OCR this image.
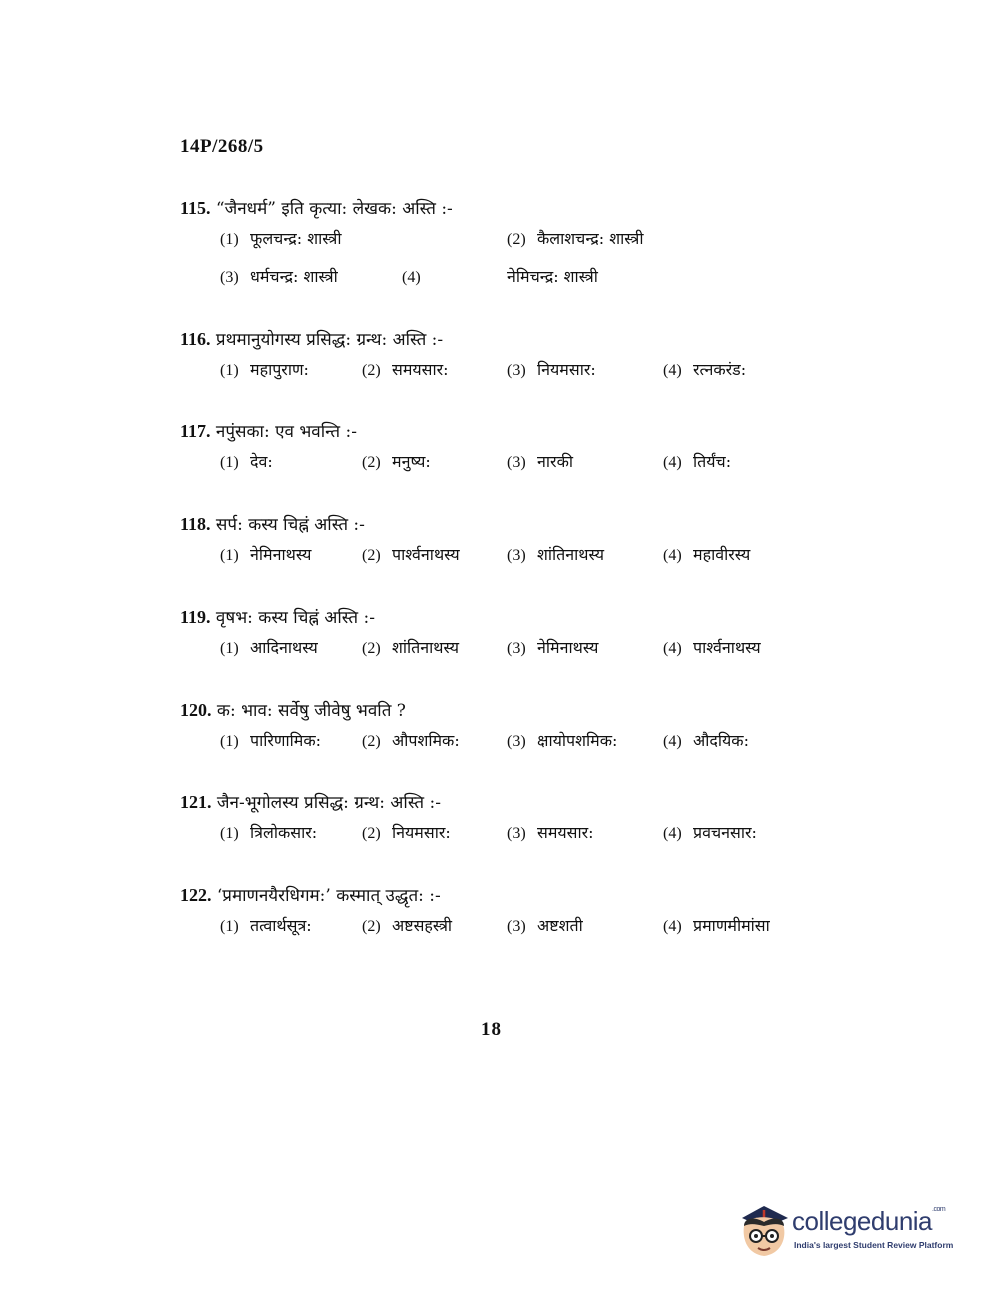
14P/268/5
115. “जैनधर्म” इति कृत्या: लेखक: अस्ति :-
(1) फूलचन्द्र: शास्त्री	(2) कैलाशचन्द्र: शास्त्री
(3) धर्मचन्द्र: शास्त्री	(4)	नेमिचन्द्र: शास्त्री
116. प्रथमानुयोगस्य प्रसिद्ध: ग्रन्थ: अस्ति :-
(1) महापुराण:	(2) समयसार:	(3) नियमसार:	(4) रत्नकरंड:
117. नपुंसका: एव भवन्ति :-
(1) देव:	(2) मनुष्य:	(3) नारकी	(4) तिर्यंच:
118. सर्प: कस्य चिह्नं अस्ति :-
(1) नेमिनाथस्य	(2) पार्श्वनाथस्य	(3) शांतिनाथस्य	(4) महावीरस्य
119. वृषभ: कस्य चिह्नं अस्ति :-
(1) आदिनाथस्य	(2) शांतिनाथस्य	(3) नेमिनाथस्य	(4) पार्श्वनाथस्य
120. क: भाव: सर्वेषु जीवेषु भवति ?
(1) पारिणामिक:	(2) औपशमिक:	(3) क्षायोपशमिक:	(4) औदयिक:
121. जैन-भूगोलस्य प्रसिद्ध: ग्रन्थ: अस्ति :-
(1) त्रिलोकसार:	(2) नियमसार:	(3) समयसार:	(4) प्रवचनसार:
122. ‘प्रमाणनयैरधिगम:’ कस्मात् उद्धृत: :-
(1) तत्वार्थसूत्र:	(2) अष्टसहस्त्री	(3) अष्टशती	(4) प्रमाणमीमांसा
18
collegedunia$^{.com}$
India's largest Student Review Platform
